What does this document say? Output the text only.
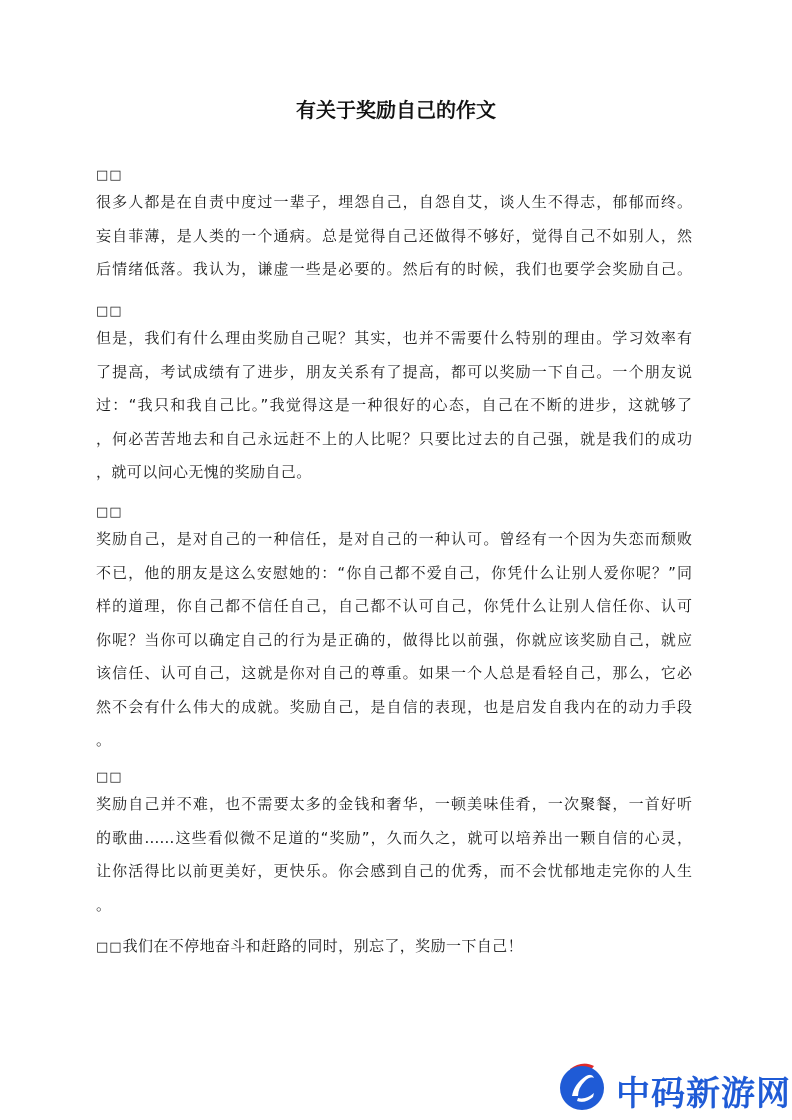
有关于奖励自己的作文
□□
很多人都是在自责中度过一辈子，埋怨自己，自怨自艾，谈人生不得志，郁郁而终。
妄自菲薄，是人类的一个通病。总是觉得自己还做得不够好，觉得自己不如别人，然
后情绪低落。我认为，谦虚一些是必要的。然后有的时候，我们也要学会奖励自己。
□□
但是，我们有什么理由奖励自己呢？其实，也并不需要什么特别的理由。学习效率有
了提高，考试成绩有了进步，朋友关系有了提高，都可以奖励一下自己。一个朋友说
过：“我只和我自己比。”我觉得这是一种很好的心态，自己在不断的进步，这就够了
，何必苦苦地去和自己永远赶不上的人比呢？只要比过去的自己强，就是我们的成功
，就可以问心无愧的奖励自己。
□□
奖励自己，是对自己的一种信任，是对自己的一种认可。曾经有一个因为失恋而颓败
不已，他的朋友是这么安慰她的：“你自己都不爱自己，你凭什么让别人爱你呢？”同
样的道理，你自己都不信任自己，自己都不认可自己，你凭什么让别人信任你、认可
你呢？当你可以确定自己的行为是正确的，做得比以前强，你就应该奖励自己，就应
该信任、认可自己，这就是你对自己的尊重。如果一个人总是看轻自己，那么，它必
然不会有什么伟大的成就。奖励自己，是自信的表现，也是启发自我内在的动力手段
。
□□
奖励自己并不难，也不需要太多的金钱和奢华，一顿美味佳肴，一次聚餐，一首好听
的歌曲……这些看似微不足道的“奖励”，久而久之，就可以培养出一颗自信的心灵，
让你活得比以前更美好，更快乐。你会感到自己的优秀，而不会忧郁地走完你的人生
。
□□我们在不停地奋斗和赶路的同时，别忘了，奖励一下自己！
中码新游网
